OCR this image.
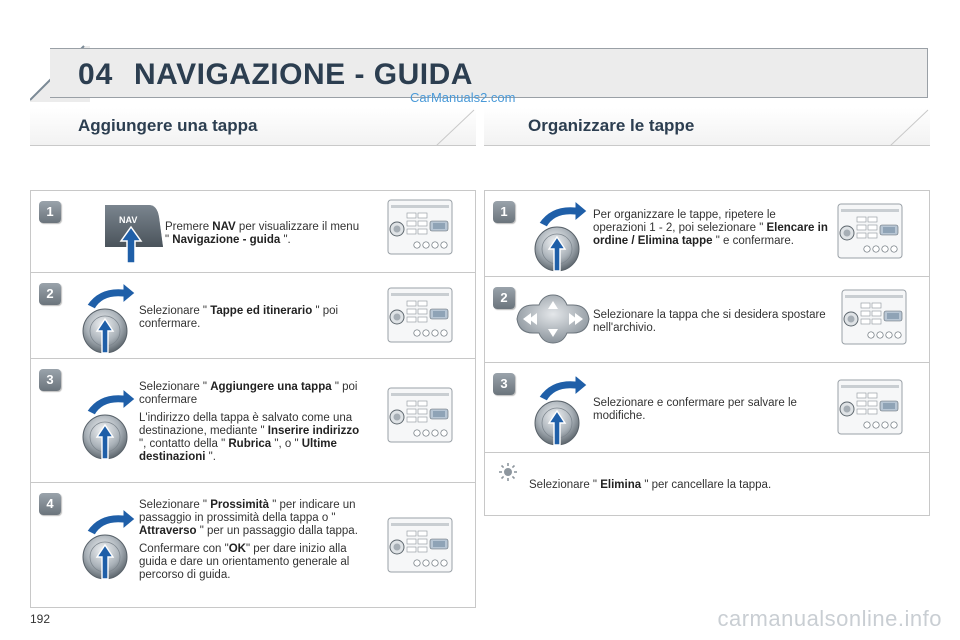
04 NAVIGAZIONE - GUIDA
CarManuals2.com
Aggiungere una tappa	Organizzare le tappe
1
NAV

Premere NAV per visualizzare il menu " Navigazione - guida ".

2

Selezionare " Tappe ed itinerario " poi confermare.

3	Selezionare " Aggiungere una tappa " poi confermare

L'indirizzo della tappa è salvato come una destinazione, mediante " Inserire indirizzo ", contatto della " Rubrica ", o " Ultime destinazioni ".

4	Selezionare " Prossimità " per indicare un passaggio in prossimità della tappa o " Attraverso " per un passaggio dalla tappa.

Confermare con "OK" per dare inizio alla guida e dare un orientamento generale al percorso di guida.

1	Per organizzare le tappe, ripetere le operazioni 1 - 2, poi selezionare " Elencare in ordine / Elimina tappe " e confermare.

2

Selezionare la tappa che si desidera spostare nell'archivio.

3

Selezionare e confermare per salvare le modifiche.

Selezionare " Elimina " per cancellare la tappa.

192	carmanualsonline.info
